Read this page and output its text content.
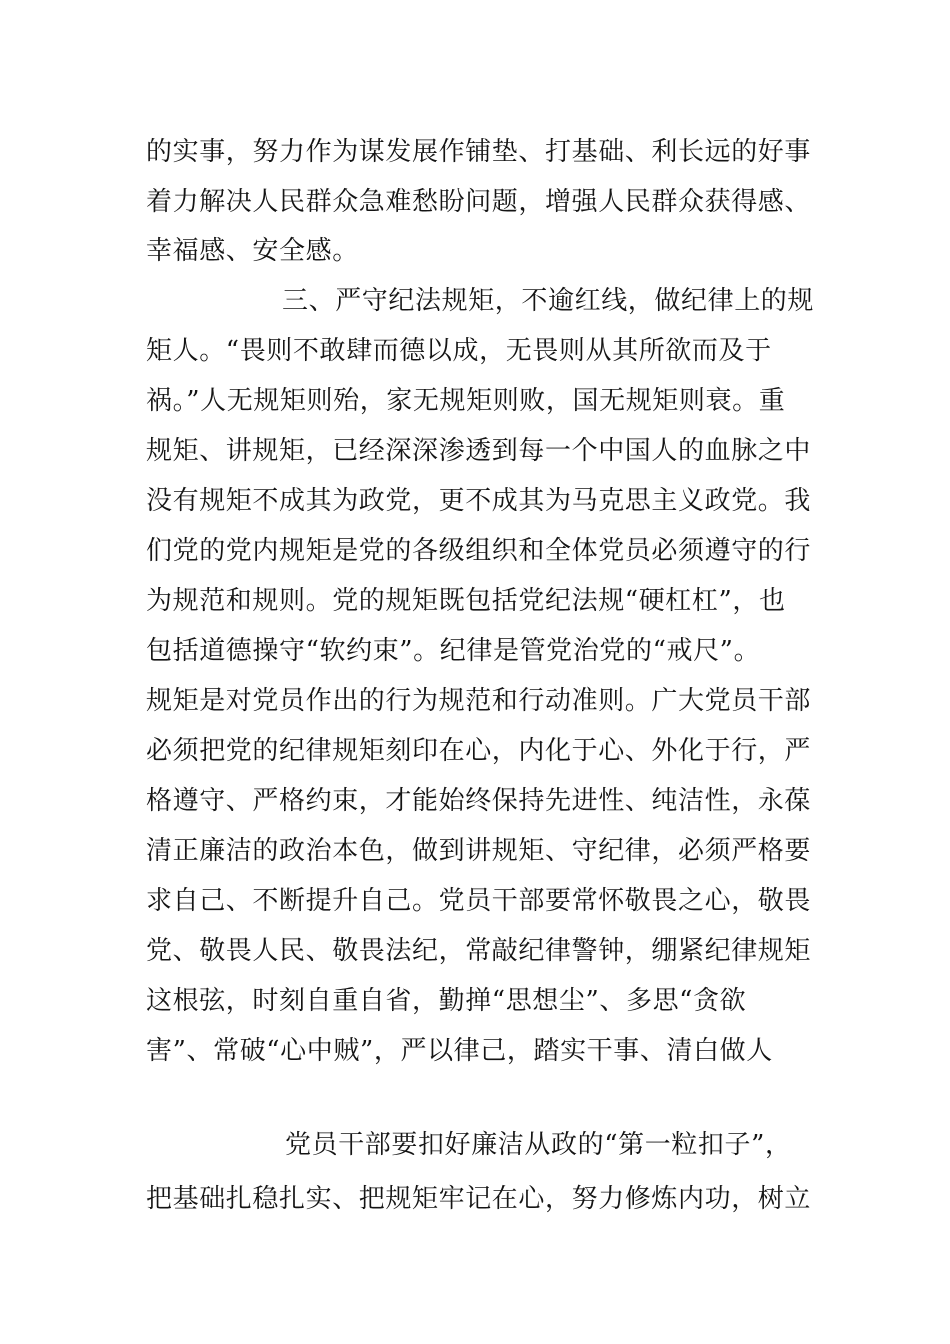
的实事，努力作为谋发展作铺垫、打基础、利长远的好事
着力解决人民群众急难愁盼问题，增强人民群众获得感、
幸福感、安全感。
三、严守纪法规矩，不逾红线，做纪律上的规
矩人。“畏则不敢肆而德以成，无畏则从其所欲而及于
祸。”人无规矩则殆，家无规矩则败，国无规矩则衰。重
规矩、讲规矩，已经深深渗透到每一个中国人的血脉之中
没有规矩不成其为政党，更不成其为马克思主义政党。我
们党的党内规矩是党的各级组织和全体党员必须遵守的行
为规范和规则。党的规矩既包括党纪法规“硬杠杠”，也
包括道德操守“软约束”。纪律是管党治党的“戒尺”。
规矩是对党员作出的行为规范和行动准则。广大党员干部
必须把党的纪律规矩刻印在心，内化于心、外化于行，严
格遵守、严格约束，才能始终保持先进性、纯洁性，永葆
清正廉洁的政治本色，做到讲规矩、守纪律，必须严格要
求自己、不断提升自己。党员干部要常怀敬畏之心，敬畏
党、敬畏人民、敬畏法纪，常敲纪律警钟，绷紧纪律规矩
这根弦，时刻自重自省，勤掸“思想尘”、多思“贪欲
害”、常破“心中贼”，严以律己，踏实干事、清白做人
党员干部要扣好廉洁从政的“第一粒扣子”，
把基础扎稳扎实、把规矩牢记在心，努力修炼内功，树立
